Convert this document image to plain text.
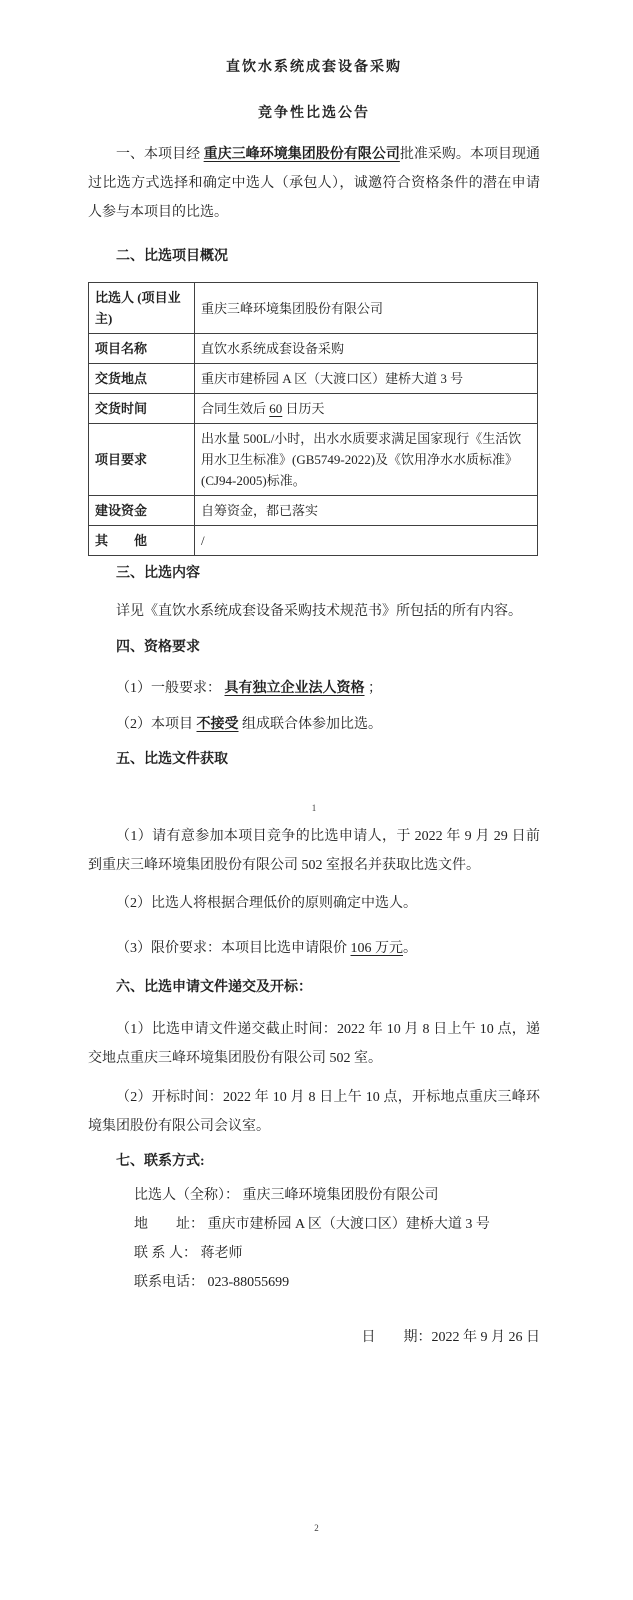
直饮水系统成套设备采购
竞争性比选公告

一、本项目经 重庆三峰环境集团股份有限公司批准采购。本项目现通过比选方式选择和确定中选人（承包人），诚邀符合资格条件的潜在申请人参与本项目的比选。

二、比选项目概况

比选人 (项目业主)	重庆三峰环境集团股份有限公司
项目名称	直饮水系统成套设备采购
交货地点	重庆市建桥园 A 区（大渡口区）建桥大道 3 号
交货时间	合同生效后 60 日历天
项目要求	出水量 500L/小时，出水水质要求满足国家现行《生活饮用水卫生标准》(GB5749-2022)及《饮用净水水质标准》(CJ94-2005)标准。
建设资金	自筹资金，都已落实
其　　他	/

三、比选内容

详见《直饮水系统成套设备采购技术规范书》所包括的所有内容。

四、资格要求

（1）一般要求： 具有独立企业法人资格 ；

（2）本项目 不接受 组成联合体参加比选。

五、比选文件获取

1

（1）请有意参加本项目竞争的比选申请人，于 2022 年 9 月 29 日前到重庆三峰环境集团股份有限公司 502 室报名并获取比选文件。

（2）比选人将根据合理低价的原则确定中选人。

（3）限价要求：本项目比选申请限价 106 万元。

六、比选申请文件递交及开标：

（1）比选申请文件递交截止时间：2022 年 10 月 8 日上午 10 点，递交地点重庆三峰环境集团股份有限公司 502 室。

（2）开标时间：2022 年 10 月 8 日上午 10 点，开标地点重庆三峰环境集团股份有限公司会议室。

七、联系方式:

比选人（全称）： 重庆三峰环境集团股份有限公司

地　　址： 重庆市建桥园 A 区（大渡口区）建桥大道 3 号

联 系 人： 蒋老师

联系电话： 023-88055699

日　　期：2022 年 9 月 26 日

2
